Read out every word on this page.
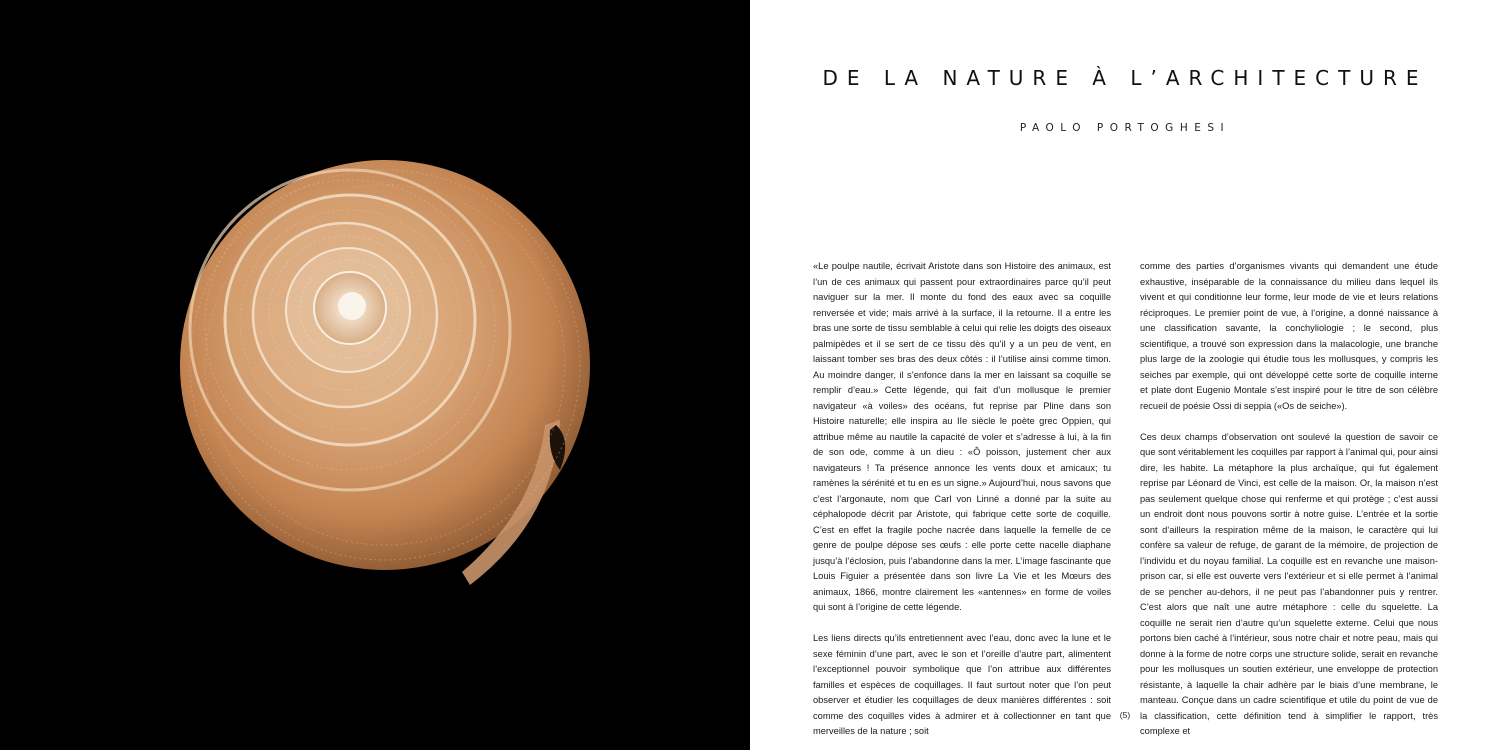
DE LA NATURE À L’ARCHITECTURE
PAOLO PORTOGHESI

«Le poulpe nautile, écrivait Aristote dans son Histoire des animaux, est l’un de ces animaux qui passent pour extraordinaires parce qu’il peut naviguer sur la mer. Il monte du fond des eaux avec sa coquille renversée et vide; mais arrivé à la surface, il la retourne. Il a entre les bras une sorte de tissu semblable à celui qui relie les doigts des oiseaux palmipèdes et il se sert de ce tissu dès qu’il y a un peu de vent, en laissant tomber ses bras des deux côtés : il l’utilise ainsi comme timon. Au moindre danger, il s’enfonce dans la mer en laissant sa coquille se remplir d’eau.» Cette légende, qui fait d’un mollusque le premier navigateur «à voiles» des océans, fut reprise par Pline dans son Histoire naturelle; elle inspira au IIe siècle le poète grec Oppien, qui attribue même au nautile la capacité de voler et s’adresse à lui, à la fin de son ode, comme à un dieu : «Ô poisson, justement cher aux navigateurs ! Ta présence annonce les vents doux et amicaux; tu ramènes la sérénité et tu en es un signe.» Aujourd’hui, nous savons que c’est l’argonaute, nom que Carl von Linné a donné par la suite au céphalopode décrit par Aristote, qui fabrique cette sorte de coquille. C’est en effet la fragile poche nacrée dans laquelle la femelle de ce genre de poulpe dépose ses œufs : elle porte cette nacelle diaphane jusqu’à l’éclosion, puis l’abandonne dans la mer. L’image fascinante que Louis Figuier a présentée dans son livre La Vie et les Mœurs des animaux, 1866, montre clairement les «antennes» en forme de voiles qui sont à l’origine de cette légende.

Les liens directs qu’ils entretiennent avec l’eau, donc avec la lune et le sexe féminin d’une part, avec le son et l’oreille d’autre part, alimentent l’exceptionnel pouvoir symbolique que l’on attribue aux différentes familles et espèces de coquillages. Il faut surtout noter que l’on peut observer et étudier les coquillages de deux manières différentes : soit comme des coquilles vides à admirer et à collectionner en tant que merveilles de la nature ; soit

comme des parties d’organismes vivants qui demandent une étude exhaustive, inséparable de la connaissance du milieu dans lequel ils vivent et qui conditionne leur forme, leur mode de vie et leurs relations réciproques. Le premier point de vue, à l’origine, a donné naissance à une classification savante, la conchyliologie ; le second, plus scientifique, a trouvé son expression dans la malacologie, une branche plus large de la zoologie qui étudie tous les mollusques, y compris les seiches par exemple, qui ont développé cette sorte de coquille interne et plate dont Eugenio Montale s’est inspiré pour le titre de son célèbre recueil de poésie Ossi di seppia («Os de seiche»).

Ces deux champs d’observation ont soulevé la question de savoir ce que sont véritablement les coquilles par rapport à l’animal qui, pour ainsi dire, les habite. La métaphore la plus archaïque, qui fut également reprise par Léonard de Vinci, est celle de la maison. Or, la maison n’est pas seulement quelque chose qui renferme et qui protège ; c’est aussi un endroit dont nous pouvons sortir à notre guise. L’entrée et la sortie sont d’ailleurs la respiration même de la maison, le caractère qui lui confère sa valeur de refuge, de garant de la mémoire, de projection de l’individu et du noyau familial. La coquille est en revanche une maison-prison car, si elle est ouverte vers l’extérieur et si elle permet à l’animal de se pencher au-dehors, il ne peut pas l’abandonner puis y rentrer. C’est alors que naît une autre métaphore : celle du squelette. La coquille ne serait rien d’autre qu’un squelette externe. Celui que nous portons bien caché à l’intérieur, sous notre chair et notre peau, mais qui donne à la forme de notre corps une structure solide, serait en revanche pour les mollusques un soutien extérieur, une enveloppe de protection résistante, à laquelle la chair adhère par le biais d’une membrane, le manteau. Conçue dans un cadre scientifique et utile du point de vue de la classification, cette définition tend à simplifier le rapport, très complexe et

(5)
